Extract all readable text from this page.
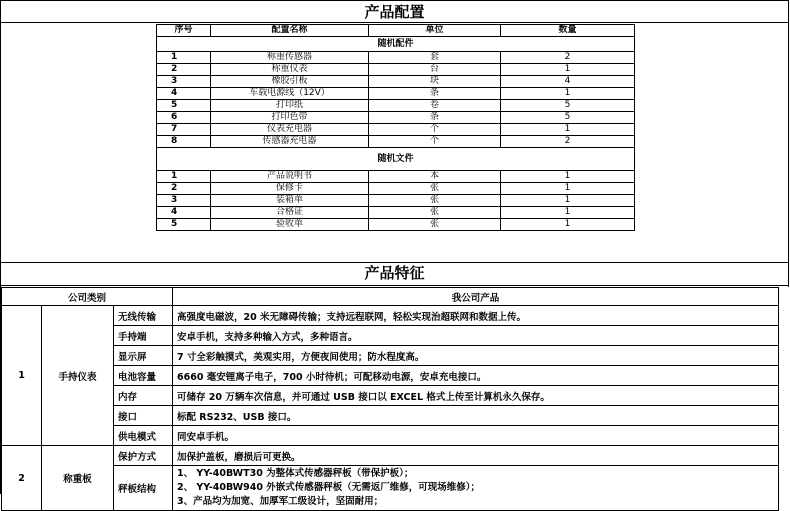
产品配置
序号	配置名称	单位	数量
随机配件			
1	称重传感器	套	2
2	称重仪表	台	1
3	橡胶引板	块	4
4	车载电源线（12V）	条	1
5	打印纸	卷	5
6	打印色带	条	5
7	仪表充电器	个	1
8	传感器充电器	个	2
随机文件			
1	产品说明书	本	1
2	保修卡	张	1
3	装箱单	张	1
4	合格证	张	1
5	验收单	张	1
产品特征
公司类别			我公司产品
1	手持仪表	无线传输	高强度电磁波，20 米无障碍传输；支持远程联网，轻松实现治超联网和数据上传。
		手持端	安卓手机，支持多种输入方式，多种语言。
		显示屏	7 寸全彩触摸式，美观实用，方便夜间使用；防水程度高。
		电池容量	6660 毫安锂离子电子，700 小时待机；可配移动电源，安卓充电接口。
		内存	可储存 20 万辆车次信息，并可通过 USB 接口以 EXCEL 格式上传至计算机永久保存。
		接口	标配 RS232、USB 接口。
		供电模式	同安卓手机。
2	称重板	保护方式	加保护盖板，磨损后可更换。
		秤板结构	1、 YY-40BWT30 为整体式传感器秤板（带保护板）；
2、 YY-40BW940 外嵌式传感器秤板（无需返厂维修，可现场维修）；
3、产品均为加宽、加厚军工级设计，坚固耐用；
